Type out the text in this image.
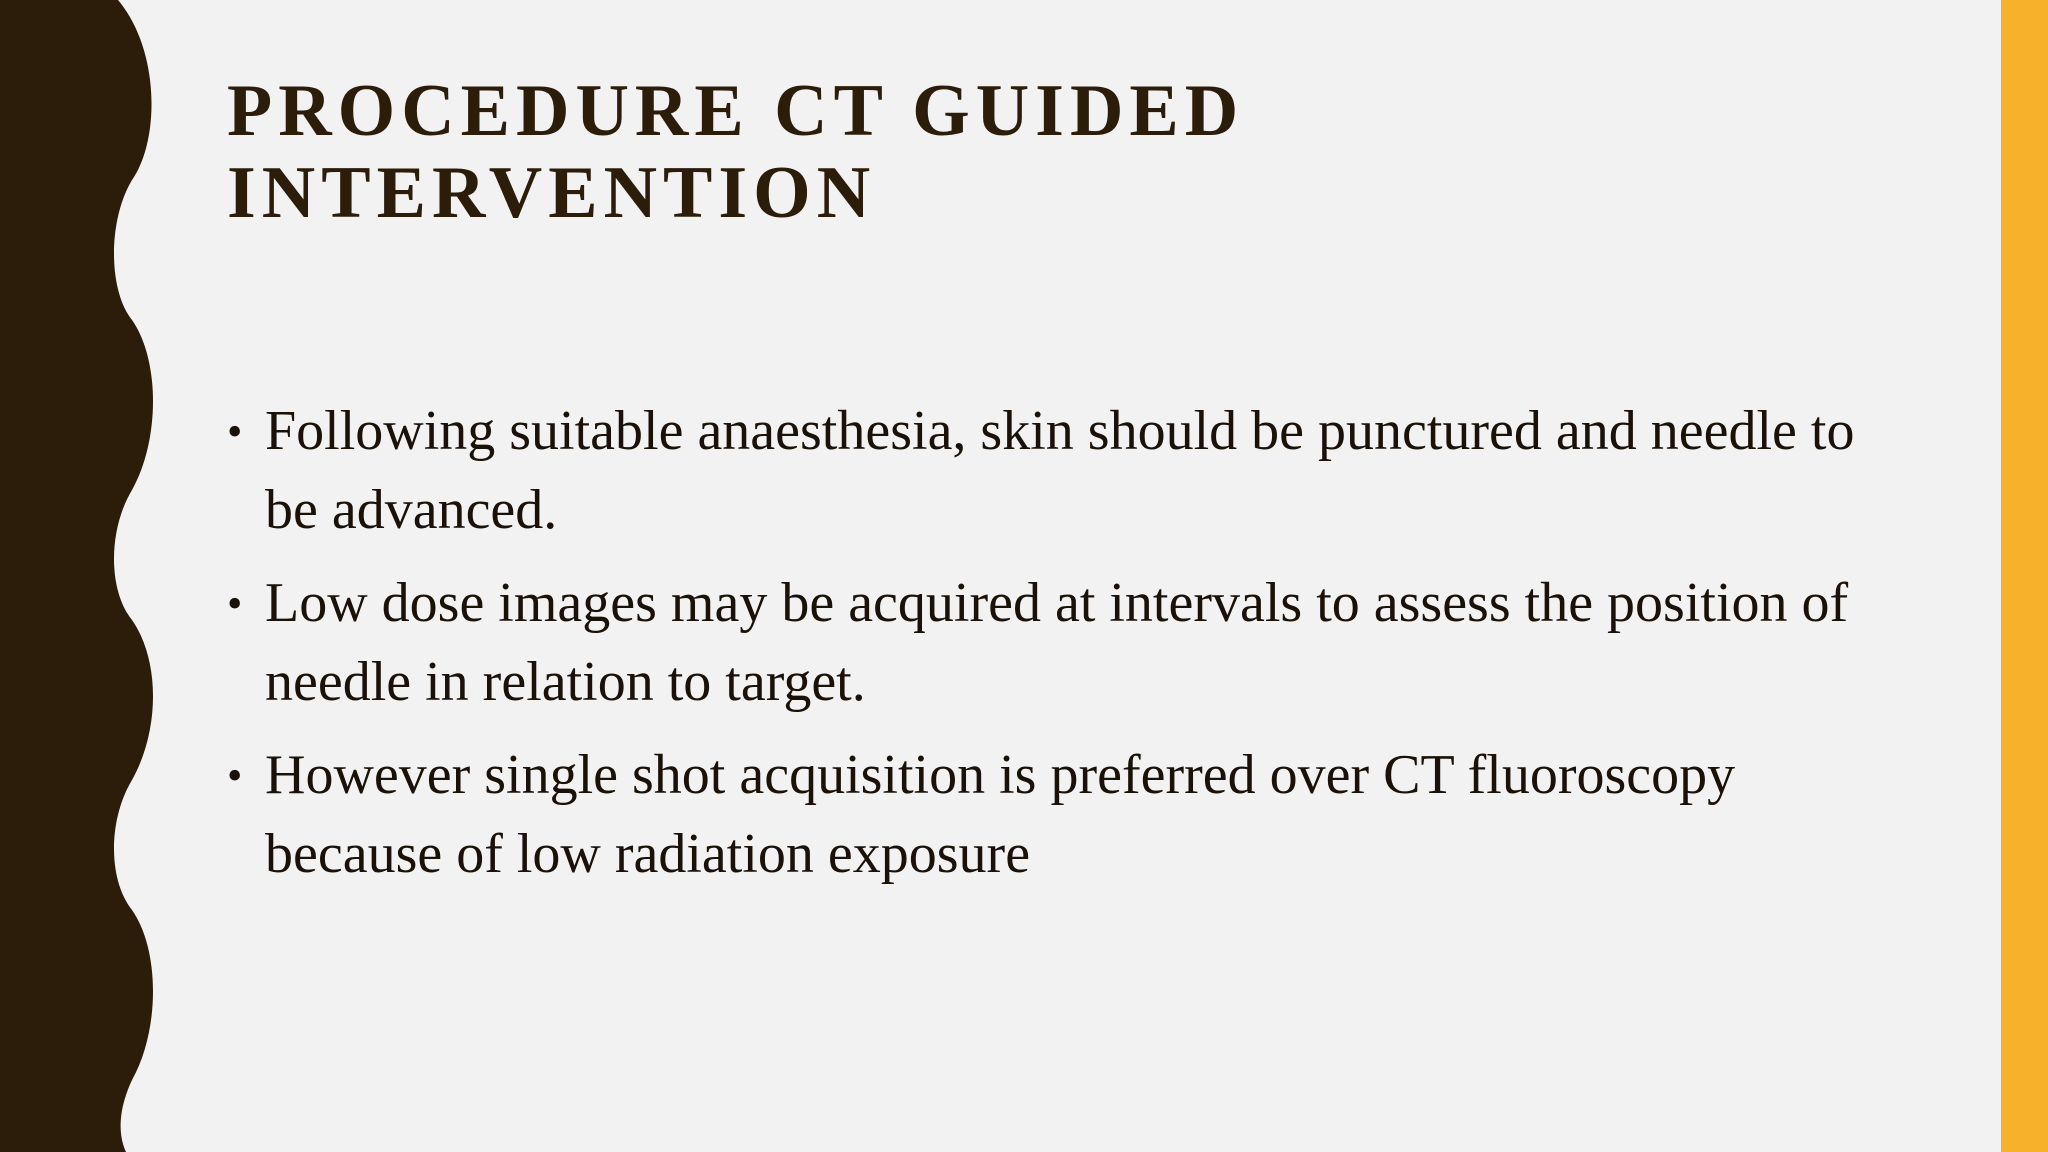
PROCEDURE CT GUIDED INTERVENTION
• Following suitable anaesthesia, skin should be punctured and needle to be advanced.
• Low dose images may be acquired at intervals to assess the position of needle in relation to target.
• However single shot acquisition is preferred over CT fluoroscopy because of low radiation exposure
